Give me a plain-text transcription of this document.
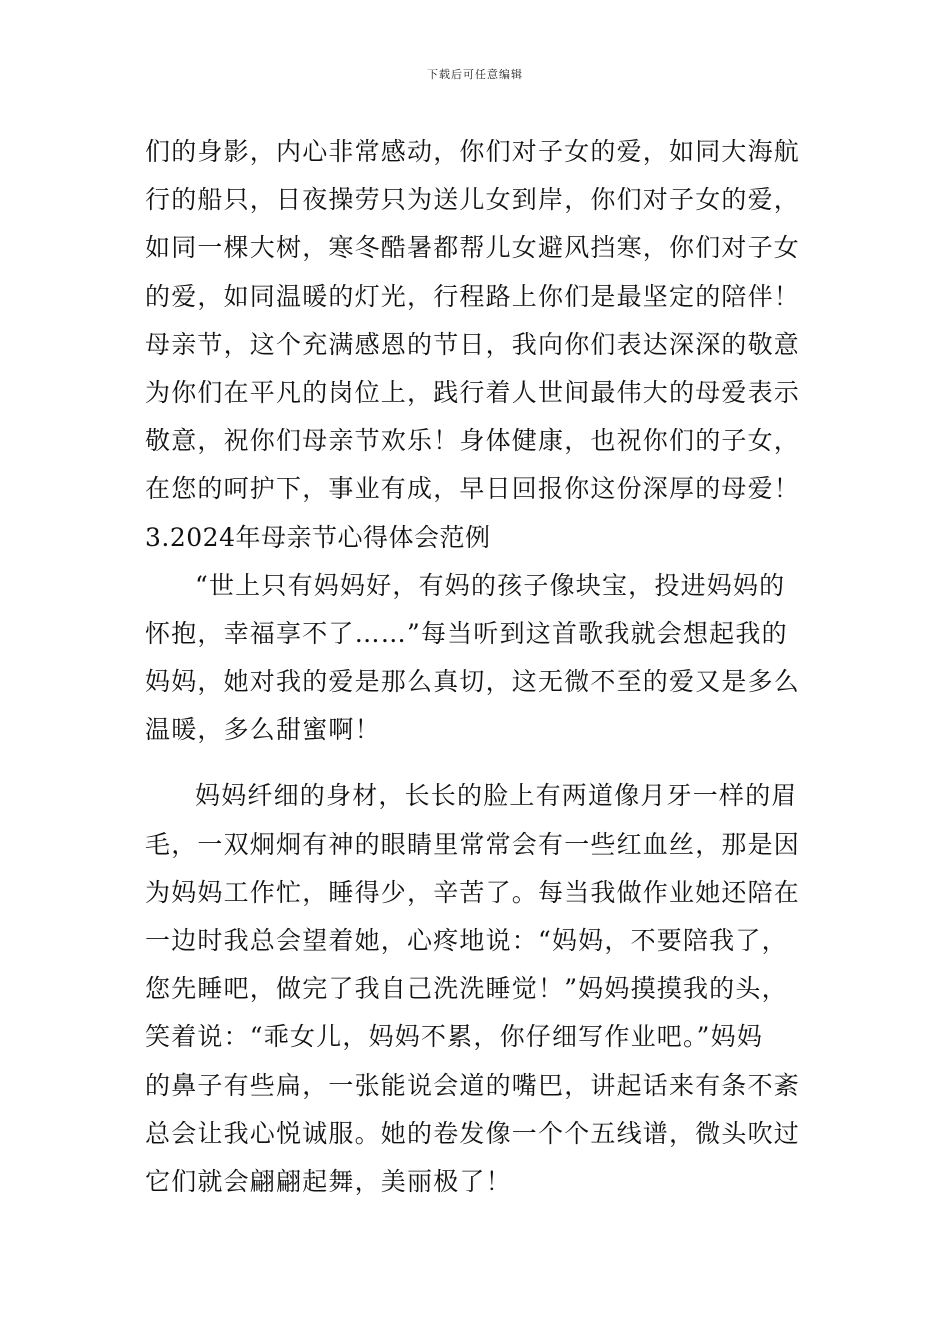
下载后可任意编辑
们的身影，内心非常感动，你们对子女的爱，如同大海航
行的船只，日夜操劳只为送儿女到岸，你们对子女的爱，
如同一棵大树，寒冬酷暑都帮儿女避风挡寒，你们对子女
的爱，如同温暖的灯光，行程路上你们是最坚定的陪伴！
母亲节，这个充满感恩的节日，我向你们表达深深的敬意
为你们在平凡的岗位上，践行着人世间最伟大的母爱表示
敬意，祝你们母亲节欢乐！身体健康，也祝你们的子女，
在您的呵护下，事业有成，早日回报你这份深厚的母爱！
3.2024年母亲节心得体会范例
“世上只有妈妈好，有妈的孩子像块宝，投进妈妈的
怀抱，幸福享不了……”每当听到这首歌我就会想起我的
妈妈，她对我的爱是那么真切，这无微不至的爱又是多么
温暖，多么甜蜜啊！
妈妈纤细的身材，长长的脸上有两道像月牙一样的眉
毛，一双炯炯有神的眼睛里常常会有一些红血丝，那是因
为妈妈工作忙，睡得少，辛苦了。每当我做作业她还陪在
一边时我总会望着她，心疼地说：“妈妈，不要陪我了，
您先睡吧，做完了我自己洗洗睡觉！”妈妈摸摸我的头，
笑着说：“乖女儿，妈妈不累，你仔细写作业吧。”妈妈
的鼻子有些扁，一张能说会道的嘴巴，讲起话来有条不紊
总会让我心悦诚服。她的卷发像一个个五线谱，微头吹过
它们就会翩翩起舞，美丽极了！
